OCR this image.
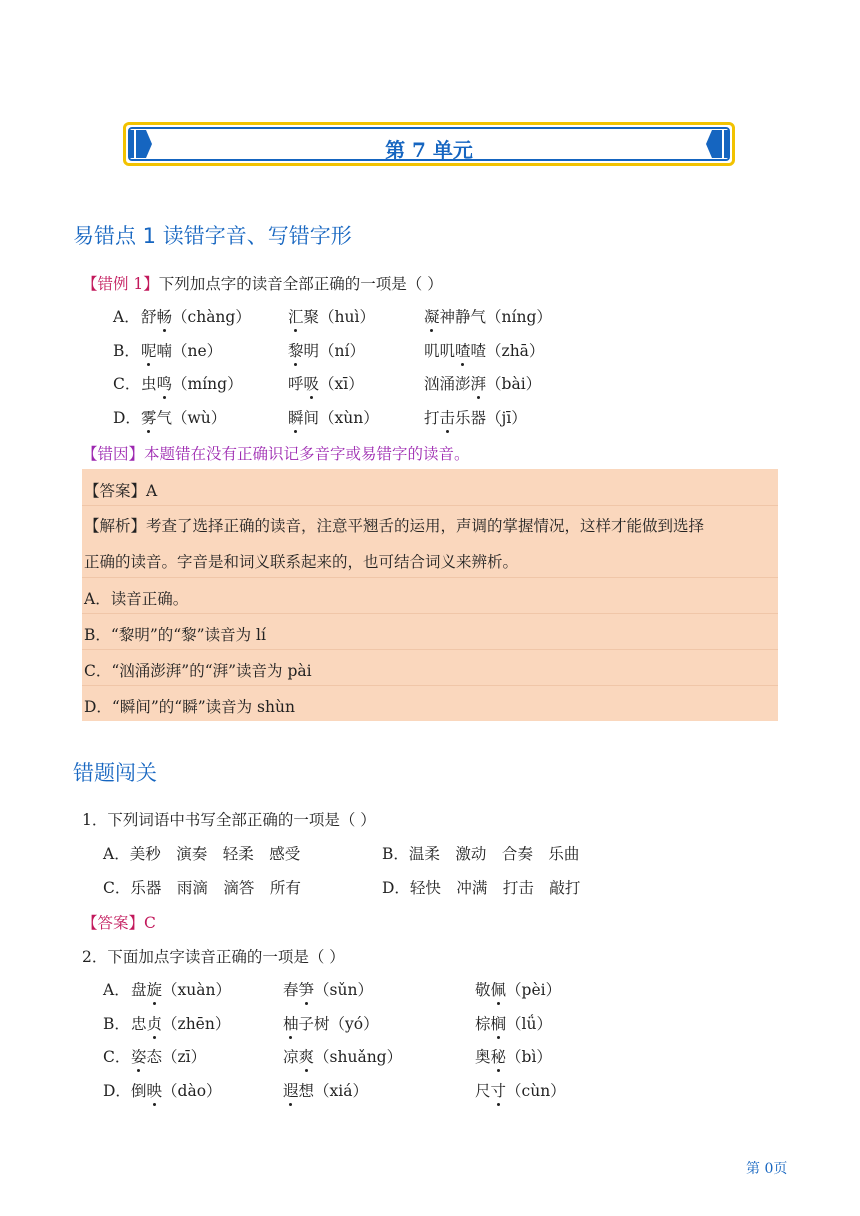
第 7 单元
易错点 1 读错字音、写错字形
【错例 1】下列加点字的读音全部正确的一项是（ ）
A． 舒畅（chàng） 汇聚（huì）	凝神静气（níng）
B． 呢喃（ne）	黎明（ní）	叽叽喳喳（zhā）
C． 虫鸣（míng）	呼吸（xī）	汹涌澎湃（bài）
D． 雾气（wù）	瞬间（xùn）	打击乐器（jī）
【错因】本题错在没有正确识记多音字或易错字的读音。
【答案】A
【解析】考查了选择正确的读音，注意平翘舌的运用，声调的掌握情况，这样才能做到选择
正确的读音。字音是和词义联系起来的，也可结合词义来辨析。
A．读音正确。
B．“黎明”的“黎”读音为 lí
C．“汹涌澎湃”的“湃”读音为 pài
D．“瞬间”的“瞬”读音为 shùn
错题闯关
1．下列词语中书写全部正确的一项是（ ）
A．美秒　演奏　轻柔　感受	B．温柔　激动　合奏　乐曲
C．乐器　雨滴　滴答　所有	D．轻快　冲满　打击　敲打
【答案】C
2．下面加点字读音正确的一项是（ ）
A． 盘旋（xuàn）	春笋（sǔn）	敬佩（pèi）
B． 忠贞（zhēn）	柚子树（yó）	棕榈（lǘ）
C． 姿态（zī）	凉爽（shuǎng）	奥秘（bì）
D． 倒映（dào）	遐想（xiá）	尺寸（cùn）
第 0页
